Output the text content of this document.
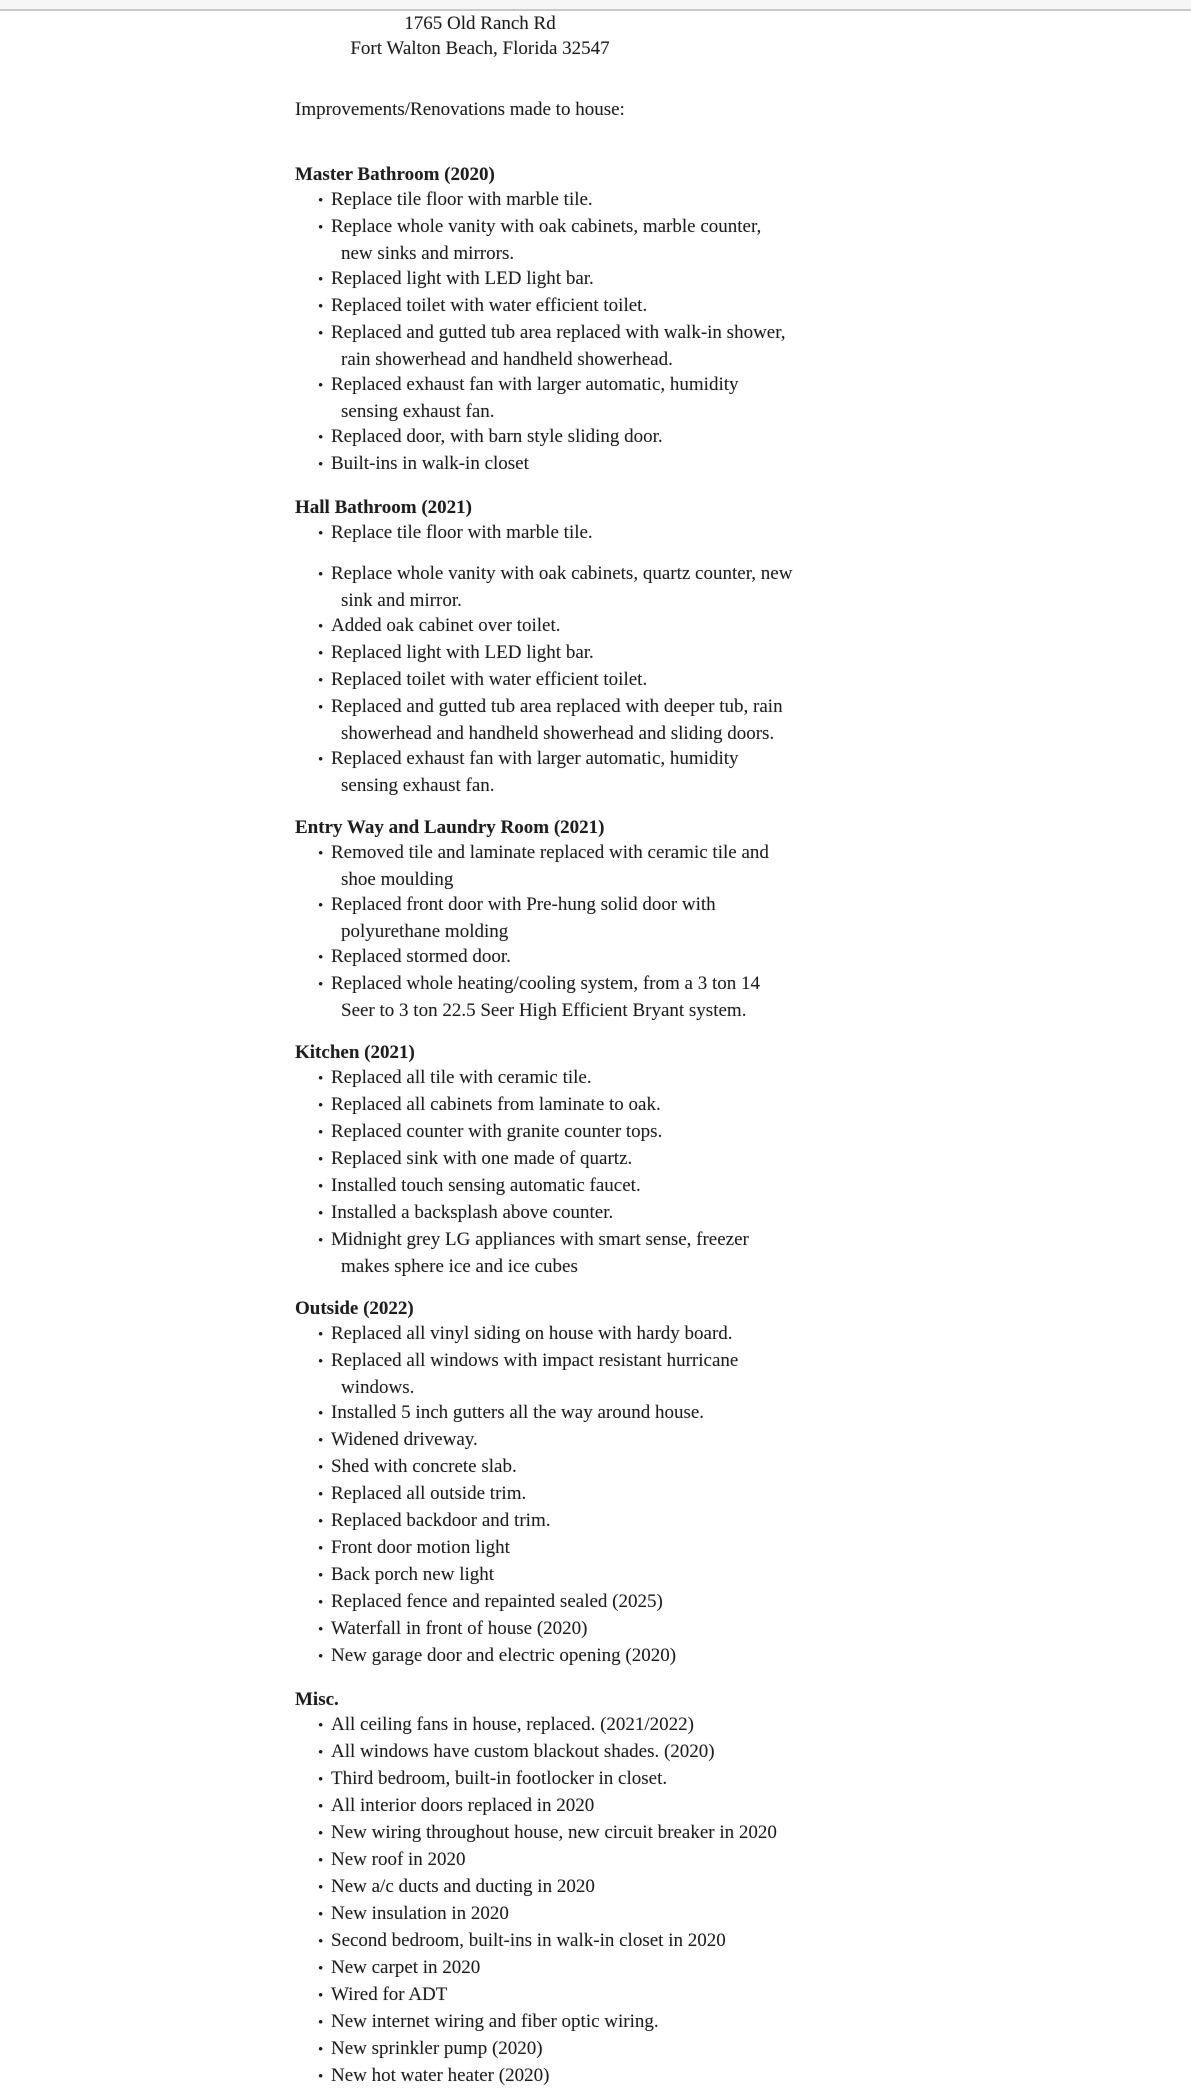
1765 Old Ranch Rd
Fort Walton Beach, Florida 32547
Improvements/Renovations made to house:
Master Bathroom (2020)
• Replace tile floor with marble tile.
• Replace whole vanity with oak cabinets, marble counter,
new sinks and mirrors.
• Replaced light with LED light bar.
• Replaced toilet with water efficient toilet.
• Replaced and gutted tub area replaced with walk-in shower,
rain showerhead and handheld showerhead.
• Replaced exhaust fan with larger automatic, humidity
sensing exhaust fan.
• Replaced door, with barn style sliding door.
• Built-ins in walk-in closet
Hall Bathroom (2021)
• Replace tile floor with marble tile.
• Replace whole vanity with oak cabinets, quartz counter, new
sink and mirror.
• Added oak cabinet over toilet.
• Replaced light with LED light bar.
• Replaced toilet with water efficient toilet.
• Replaced and gutted tub area replaced with deeper tub, rain
showerhead and handheld showerhead and sliding doors.
• Replaced exhaust fan with larger automatic, humidity
sensing exhaust fan.
Entry Way and Laundry Room (2021)
• Removed tile and laminate replaced with ceramic tile and
shoe moulding
• Replaced front door with Pre-hung solid door with
polyurethane molding
• Replaced stormed door.
• Replaced whole heating/cooling system, from a 3 ton 14
Seer to 3 ton 22.5 Seer High Efficient Bryant system.
Kitchen (2021)
• Replaced all tile with ceramic tile.
• Replaced all cabinets from laminate to oak.
• Replaced counter with granite counter tops.
• Replaced sink with one made of quartz.
• Installed touch sensing automatic faucet.
• Installed a backsplash above counter.
• Midnight grey LG appliances with smart sense, freezer
makes sphere ice and ice cubes
Outside (2022)
• Replaced all vinyl siding on house with hardy board.
• Replaced all windows with impact resistant hurricane
windows.
• Installed 5 inch gutters all the way around house.
• Widened driveway.
• Shed with concrete slab.
• Replaced all outside trim.
• Replaced backdoor and trim.
• Front door motion light
• Back porch new light
• Replaced fence and repainted sealed (2025)
• Waterfall in front of house (2020)
• New garage door and electric opening (2020)
Misc.
• All ceiling fans in house, replaced. (2021/2022)
• All windows have custom blackout shades. (2020)
• Third bedroom, built-in footlocker in closet.
• All interior doors replaced in 2020
• New wiring throughout house, new circuit breaker in 2020
• New roof in 2020
• New a/c ducts and ducting in 2020
• New insulation in 2020
• Second bedroom, built-ins in walk-in closet in 2020
• New carpet in 2020
• Wired for ADT
• New internet wiring and fiber optic wiring.
• New sprinkler pump (2020)
• New hot water heater (2020)
